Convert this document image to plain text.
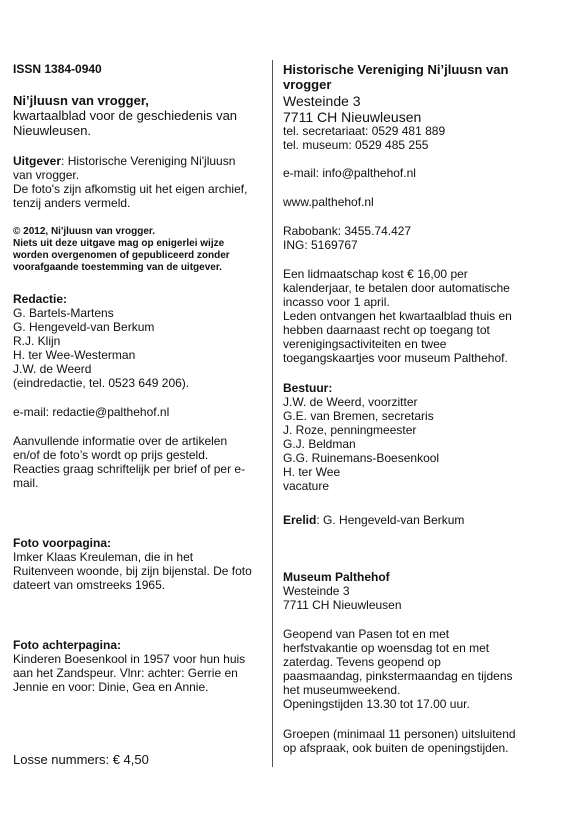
ISSN 1384-0940

Ni’jluusn van vrogger,

kwartaalblad voor de geschiedenis van
Nieuwleusen.

Uitgever: Historische Vereniging Ni'jluusn
van vrogger.
De foto's zijn afkomstig uit het eigen archief,
tenzij anders vermeld.

© 2012, Ni'jluusn van vrogger.
Niets uit deze uitgave mag op enigerlei wijze
worden overgenomen of gepubliceerd zonder
voorafgaande toestemming van de uitgever.

Redactie:

G. Bartels-Martens
G. Hengeveld-van Berkum
R.J. Klijn
H. ter Wee-Westerman
J.W. de Weerd
(eindredactie, tel. 0523 649 206).

e-mail: redactie@palthehof.nl

Aanvullende informatie over de artikelen
en/of de foto’s wordt op prijs gesteld.
Reacties graag schriftelijk per brief of per e-
mail.

Foto voorpagina:

Imker Klaas Kreuleman, die in het
Ruitenveen woonde, bij zijn bijenstal. De foto
dateert van omstreeks 1965.

Foto achterpagina:

Kinderen Boesenkool in 1957 voor hun huis
aan het Zandspeur. Vlnr: achter: Gerrie en
Jennie en voor: Dinie, Gea en Annie.

Losse nummers: € 4,50

Historische Vereniging Ni’jluusn van
vrogger

Westeinde 3
7711 CH Nieuwleusen

tel. secretariaat: 0529 481 889
tel. museum: 0529 485 255

e-mail: info@palthehof.nl

www.palthehof.nl

Rabobank: 3455.74.427
ING: 5169767

Een lidmaatschap kost € 16,00 per
kalenderjaar, te betalen door automatische
incasso voor 1 april.
Leden ontvangen het kwartaalblad thuis en
hebben daarnaast recht op toegang tot
verenigingsactiviteiten en twee
toegangskaartjes voor museum Palthehof.

Bestuur:

J.W. de Weerd, voorzitter
G.E. van Bremen, secretaris
J. Roze, penningmeester
G.J. Beldman
G.G. Ruinemans-Boesenkool
H. ter Wee
vacature

Erelid: G. Hengeveld-van Berkum

Museum Palthehof

Westeinde 3
7711 CH Nieuwleusen

Geopend van Pasen tot en met
herfstvakantie op woensdag tot en met
zaterdag. Tevens geopend op
paasmaandag, pinkstermaandag en tijdens
het museumweekend.
Openingstijden 13.30 tot 17.00 uur.

Groepen (minimaal 11 personen) uitsluitend
op afspraak, ook buiten de openingstijden.
